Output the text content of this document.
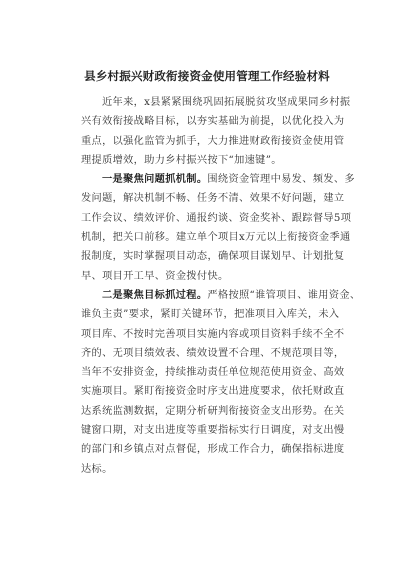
县乡村振兴财政衔接资金使用管理工作经验材料
近年来，x县紧紧围绕巩固拓展脱贫攻坚成果同乡村振
兴有效衔接战略目标，以夯实基础为前提，以优化投入为
重点，以强化监管为抓手，大力推进财政衔接资金使用管
理提质增效，助力乡村振兴按下“加速键”。
一是聚焦问题抓机制。围绕资金管理中易发、频发、多
发问题，解决机制不畅、任务不清、效果不好问题，建立
工作会议、绩效评价、通报约谈、资金奖补、跟踪督导5项
机制，把关口前移。建立单个项目x万元以上衔接资金季通
报制度，实时掌握项目动态，确保项目谋划早、计划批复
早、项目开工早、资金拨付快。
二是聚焦目标抓过程。严格按照“谁管项目、谁用资金、
谁负主责”要求，紧盯关键环节，把准项目入库关，未入
项目库、不按时完善项目实施内容或项目资料手续不全不
齐的、无项目绩效表、绩效设置不合理、不规范项目等，
当年不安排资金，持续推动责任单位规范使用资金、高效
实施项目。紧盯衔接资金时序支出进度要求，依托财政直
达系统监测数据，定期分析研判衔接资金支出形势。在关
键窗口期，对支出进度等重要指标实行日调度，对支出慢
的部门和乡镇点对点督促，形成工作合力，确保指标进度
达标。
